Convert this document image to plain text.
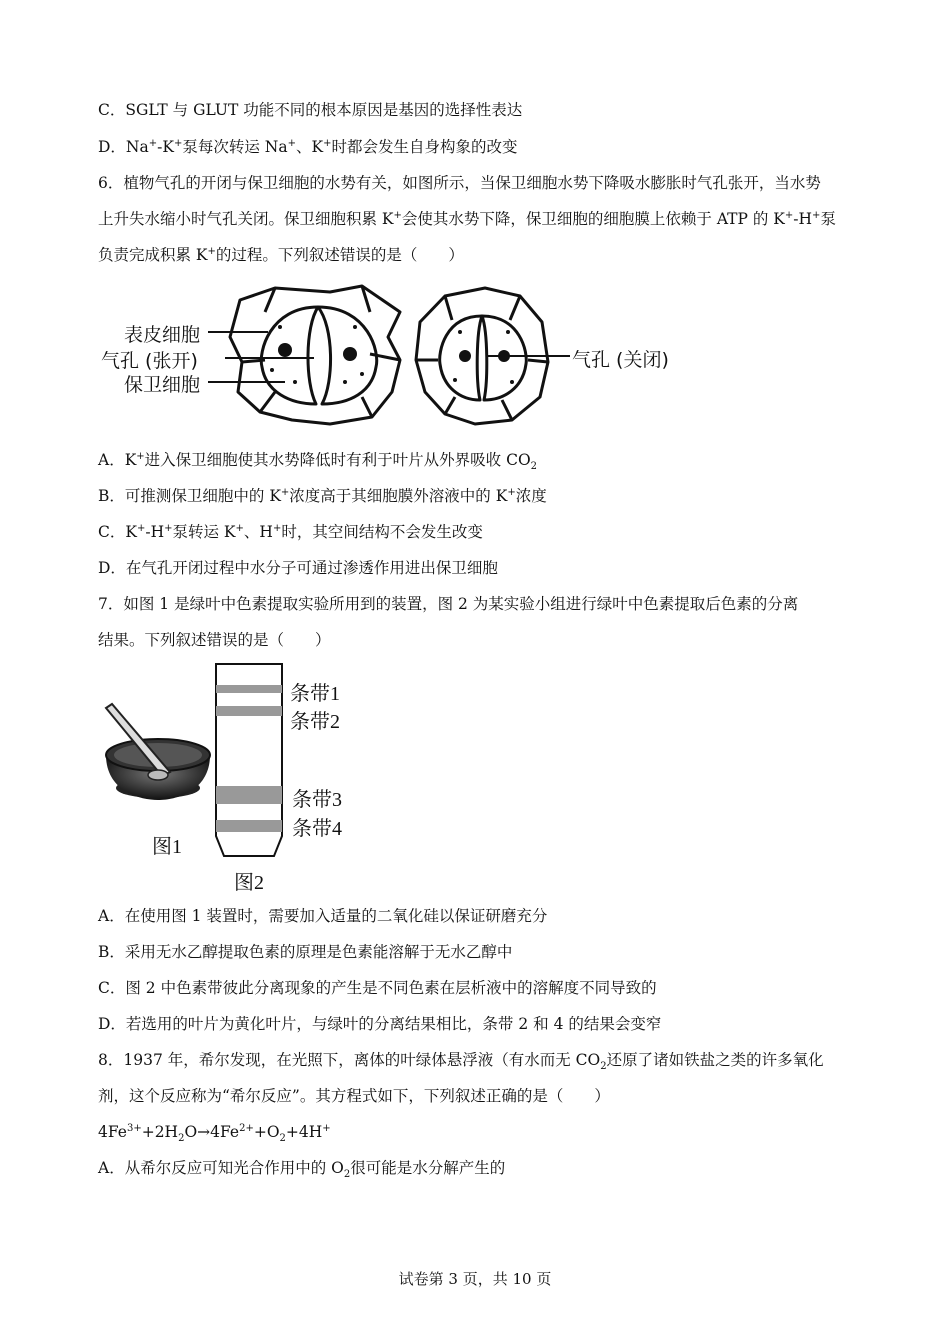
C．SGLT 与 GLUT 功能不同的根本原因是基因的选择性表达
D．Na+-K+泵每次转运 Na+、K+时都会发生自身构象的改变
6．植物气孔的开闭与保卫细胞的水势有关，如图所示，当保卫细胞水势下降吸水膨胀时气孔张开，当水势
上升失水缩小时气孔关闭。保卫细胞积累 K+会使其水势下降，保卫细胞的细胞膜上依赖于 ATP 的 K+-H+泵
负责完成积累 K+的过程。下列叙述错误的是（　　）
表皮细胞
气孔 (张开)
保卫细胞
气孔 (关闭)
A．K+进入保卫细胞使其水势降低时有利于叶片从外界吸收 $CO_2$
B．可推测保卫细胞中的 K+浓度高于其细胞膜外溶液中的 K+浓度
C．K+-H+泵转运 K+、H+时，其空间结构不会发生改变
D．在气孔开闭过程中水分子可通过渗透作用进出保卫细胞
7．如图 1 是绿叶中色素提取实验所用到的装置，图 2 为某实验小组进行绿叶中色素提取后色素的分离
结果。下列叙述错误的是（　　）
图1
条带1
条带2
条带3
条带4
图2
A．在使用图 1 装置时，需要加入适量的二氧化硅以保证研磨充分
B．采用无水乙醇提取色素的原理是色素能溶解于无水乙醇中
C．图 2 中色素带彼此分离现象的产生是不同色素在层析液中的溶解度不同导致的
D．若选用的叶片为黄化叶片，与绿叶的分离结果相比，条带 2 和 4 的结果会变窄
8．1937 年，希尔发现，在光照下，离体的叶绿体悬浮液（有水而无 $CO_2$还原了诸如铁盐之类的许多氧化
剂，这个反应称为“希尔反应”。其方程式如下，下列叙述正确的是（　　）
$4Fe^{3+}+2H_2O\to 4Fe^{2+}+O_2+4H^+$
A．从希尔反应可知光合作用中的 $O_2$很可能是水分解产生的
试卷第 3 页，共 10 页
